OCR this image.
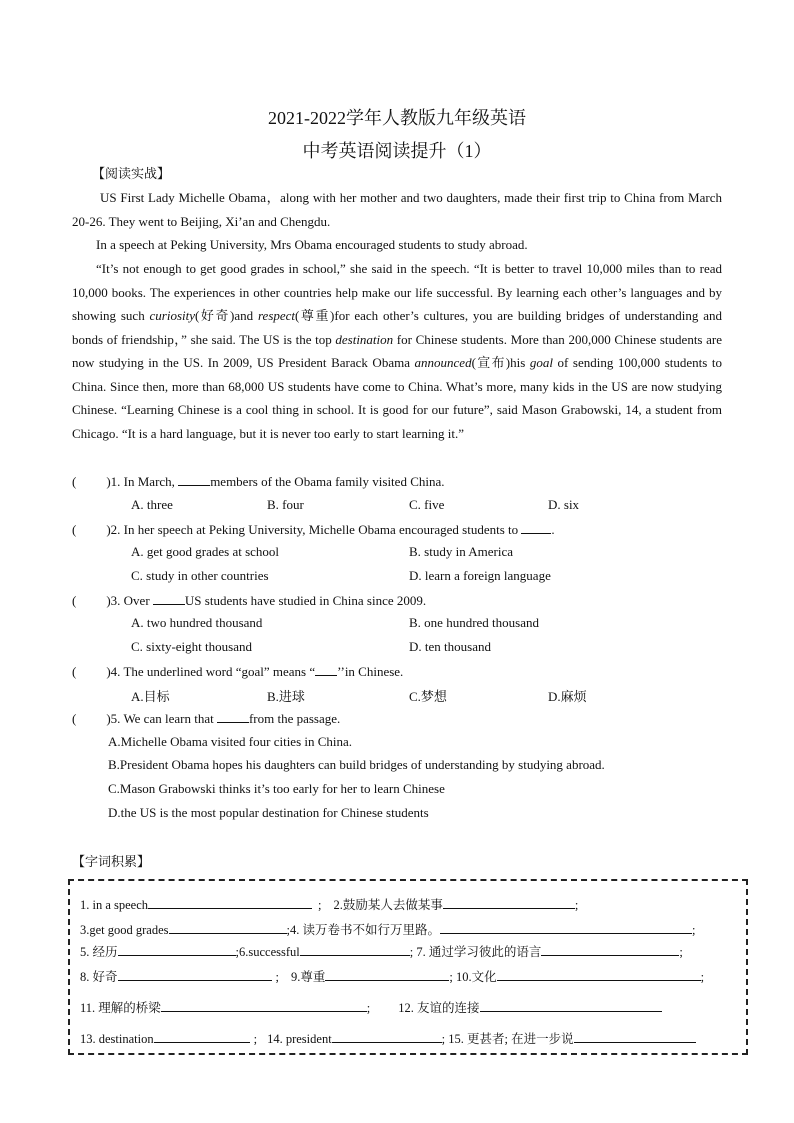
2021-2022学年人教版九年级英语
中考英语阅读提升（1）
【阅读实战】
US First Lady Michelle Obama，along with her mother and two daughters, made their first trip to China from March 20-26. They went to Beijing, Xi’an and Chengdu.
In a speech at Peking University, Mrs Obama encouraged students to study abroad.
“It’s not enough to get good grades in school,” she said in the speech. “It is better to travel 10,000 miles than to read 10,000 books. The experiences in other countries help make our life successful. By learning each other’s languages and by showing such curiosity(好奇)and respect(尊重)for each other’s cultures, you are building bridges of understanding and bonds of friendship，” she said. The US is the top destination for Chinese students. More than 200,000 Chinese students are now studying in the US. In 2009, US President Barack Obama announced(宣布)his goal of sending 100,000 students to China. Since then, more than 68,000 US students have come to China. What’s more, many kids in the US are now studying Chinese. “Learning Chinese is a cool thing in school. It is good for our future”, said Mason Grabowski, 14, a student from Chicago. “It is a hard language, but it is never too early to start learning it.”
( )1. In March, members of the Obama family visited China.
A. three	B. four	C. five	D. six
( )2. In her speech at Peking University, Michelle Obama encouraged students to .
A. get good grades at school	B. study in America
C. study in other countries	D. learn a foreign language
( )3. Over US students have studied in China since 2009.
A. two hundred thousand	B. one hundred thousand
C. sixty-eight thousand	D. ten thousand
( )4. The underlined word “goal” means “ ’’in Chinese.
A.目标	B.进球	C.梦想	D.麻烦
( )5. We can learn that from the passage.
A.Michelle Obama visited four cities in China.
B.President Obama hopes his daughters can build bridges of understanding by studying abroad.
C.Mason Grabowski thinks it’s too early for her to learn Chinese
D.the US is the most popular destination for Chinese students
【字词积累】
1. in a speech	; 2.鼓励某人去做某事	;
3.get good grades	;4. 读万卷书不如行万里路。	;
5. 经历	;6.successful	; 7. 通过学习彼此的语言	;
8. 好奇	; 9.尊重	; 10.文化	;
11. 理解的桥梁	; 12. 友谊的连接
13. destination	; 14. president	; 15. 更甚者; 在进一步说
